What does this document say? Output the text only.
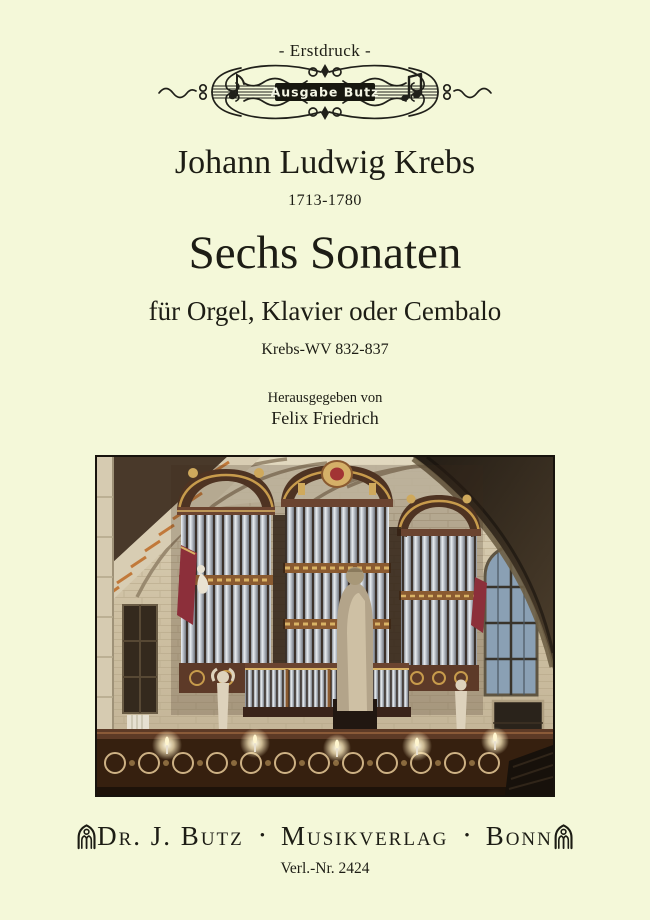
- Erstdruck -
Ausgabe Butz
Johann Ludwig Krebs
1713-1780
Sechs Sonaten
für Orgel, Klavier oder Cembalo
Krebs-WV 832-837
Herausgegeben von
Felix Friedrich
Dr. J. Butz • Musikverlag • Bonn
Verl.-Nr. 2424
